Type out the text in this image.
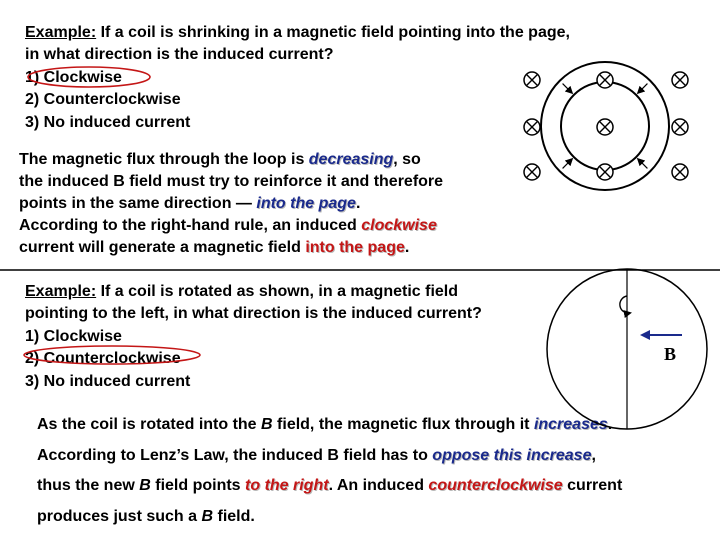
Example: If a coil is shrinking in a magnetic field pointing into the page,
in what direction is the induced current?
1) Clockwise
2) Counterclockwise
3) No induced current
The magnetic flux through the loop is decreasing, so
the induced B field must try to reinforce it and therefore
points in the same direction — into the page.
According to the right-hand rule, an induced clockwise
current will generate a magnetic field into the page.
Example: If a coil is rotated as shown, in a magnetic field
pointing to the left, in what direction is the induced current?
1) Clockwise
2) Counterclockwise
3) No induced current
As the coil is rotated into the B field, the magnetic flux through it increases.
According to Lenz’s Law, the induced B field has to oppose this increase,
thus the new B field points to the right. An induced counterclockwise current
produces just such a B field.
B
